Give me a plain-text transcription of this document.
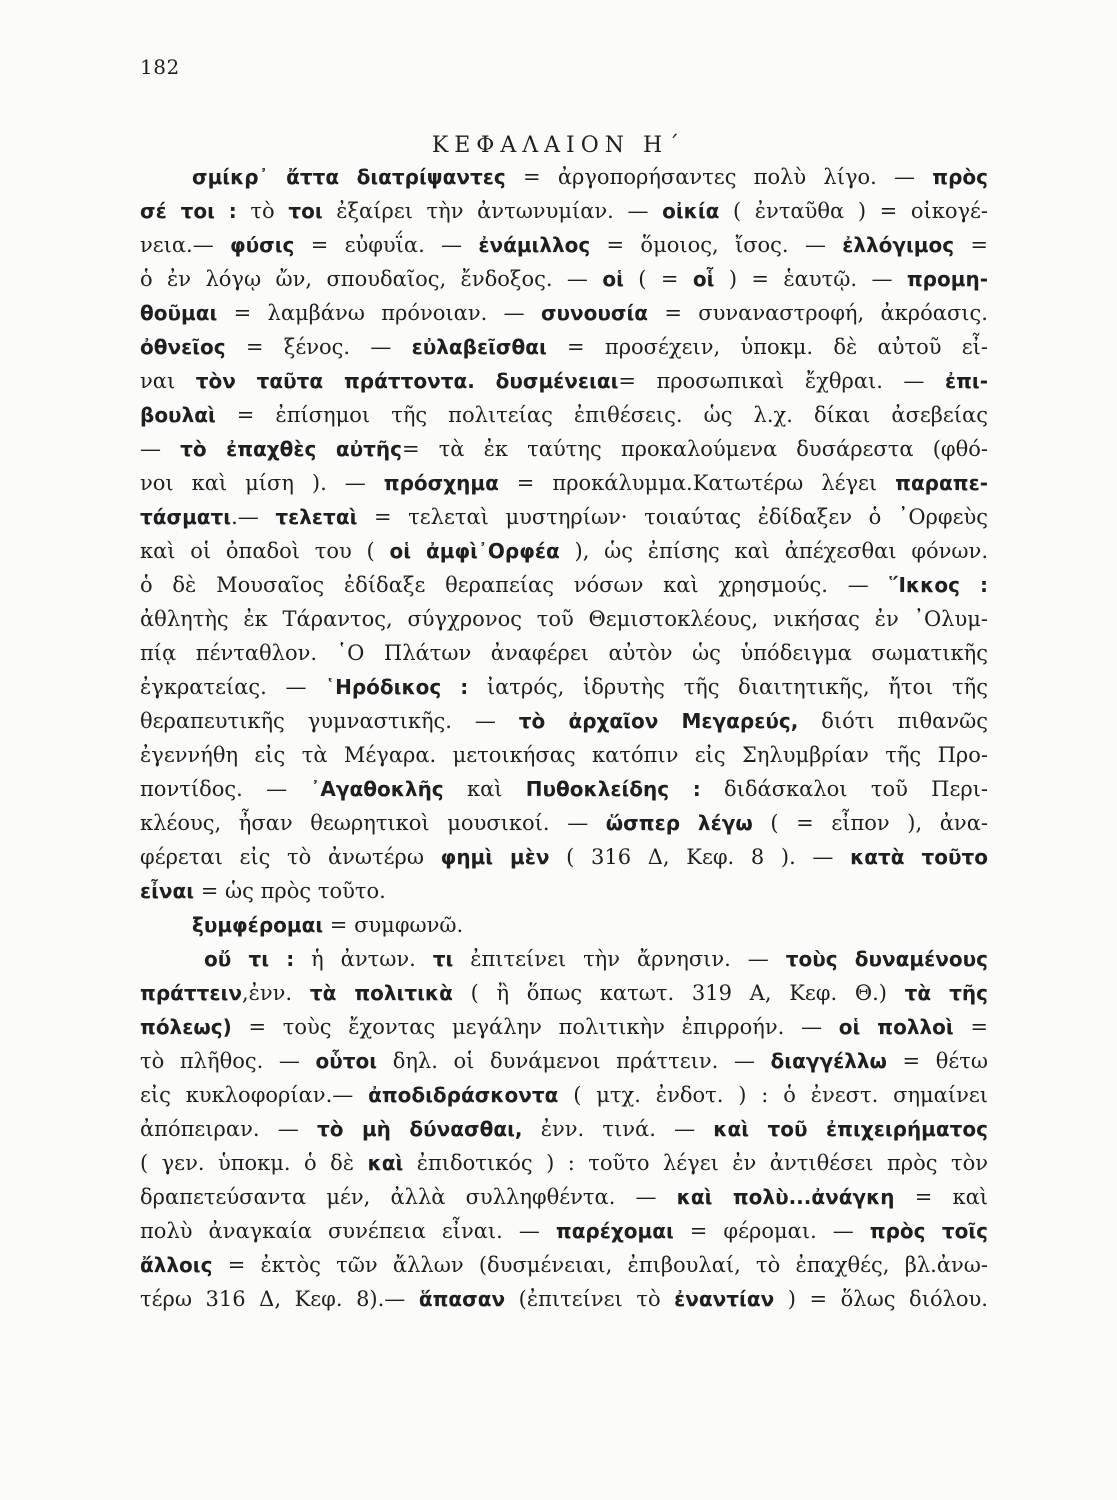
182
ΚΕΦΑΛΑΙΟΝ Η΄
σμίκρ᾽ ἄττα διατρίψαντες = ἀργοπορήσαντες πολὺ λίγο. — πρὸς
σέ τοι : τὸ τοι ἐξαίρει τὴν ἀντωνυμίαν. — οἰκία ( ἐνταῦθα ) = οἰκογέ-
νεια.— φύσις = εὐφυΐα. — ἐνάμιλλος = ὅμοιος, ἴσος. — ἐλλόγιμος =
ὁ ἐν λόγῳ ὤν, σπουδαῖος, ἔνδοξος. — οἱ ( = οἷ ) = ἑαυτῷ. — προμη-
θοῦμαι = λαμβάνω πρόνοιαν. — συνουσία = συναναστροφή, ἀκρόασις.
ὀθνεῖος = ξένος. — εὐλαβεῖσθαι = προσέχειν, ὑποκμ. δὲ αὐτοῦ εἶ-
ναι τὸν ταῦτα πράττοντα. δυσμένειαι= προσωπικαὶ ἔχθραι. — ἐπι-
βουλαὶ = ἐπίσημοι τῆς πολιτείας ἐπιθέσεις. ὡς λ.χ. δίκαι ἀσεβείας
— τὸ ἐπαχθὲς αὐτῆς= τὰ ἐκ ταύτης προκαλούμενα δυσάρεστα (φθό-
νοι καὶ μίση ). — πρόσχημα = προκάλυμμα.Κατωτέρω λέγει παραπε-
τάσματι.— τελεταὶ = τελεταὶ μυστηρίων· τοιαύτας ἐδίδαξεν ὁ ᾿Ορφεὺς
καὶ οἱ ὀπαδοὶ του ( οἱ ἀμφὶ᾽Ορφέα ), ὡς ἐπίσης καὶ ἀπέχεσθαι φόνων.
ὁ δὲ Μουσαῖος ἐδίδαξε θεραπείας νόσων καὶ χρησμούς. — ῞Ικκος :
ἀθλητὴς ἐκ Τάραντος, σύγχρονος τοῦ Θεμιστοκλέους, νικήσας ἐν ᾿Ολυμ-
πίᾳ πένταθλον. ῾Ο Πλάτων ἀναφέρει αὐτὸν ὡς ὑπόδειγμα σωματικῆς
ἐγκρατείας. — ῾Ηρόδικος : ἰατρός, ἱδρυτὴς τῆς διαιτητικῆς, ἤτοι τῆς
θεραπευτικῆς γυμναστικῆς. — τὸ ἀρχαῖον Μεγαρεύς, διότι πιθανῶς
ἐγεννήθη εἰς τὰ Μέγαρα. μετοικήσας κατόπιν εἰς Σηλυμβρίαν τῆς Προ-
ποντίδος. — ᾿Αγαθοκλῆς καὶ Πυθοκλείδης : διδάσκαλοι τοῦ Περι-
κλέους, ἦσαν θεωρητικοὶ μουσικοί. — ὥσπερ λέγω ( = εἶπον ), ἀνα-
φέρεται εἰς τὸ ἀνωτέρω φημὶ μὲν ( 316 Δ, Κεφ. 8 ). — κατὰ τοῦτο
εἶναι = ὡς πρὸς τοῦτο.
ξυμφέρομαι = συμφωνῶ.
οὔ τι : ἡ ἀντων. τι ἐπιτείνει τὴν ἄρνησιν. — τοὺς δυναμένους
πράττειν,ἐνν. τὰ πολιτικὰ ( ἢ ὅπως κατωτ. 319 Α, Κεφ. Θ.) τὰ τῆς
πόλεως) = τοὺς ἔχοντας μεγάλην πολιτικὴν ἐπιρροήν. — οἱ πολλοὶ =
τὸ πλῆθος. — οὗτοι δηλ. οἱ δυνάμενοι πράττειν. — διαγγέλλω = θέτω
εἰς κυκλοφορίαν.— ἀποδιδράσκοντα ( μτχ. ἐνδοτ. ) : ὁ ἐνεστ. σημαίνει
ἀπόπειραν. — τὸ μὴ δύνασθαι, ἐνν. τινά. — καὶ τοῦ ἐπιχειρήματος
( γεν. ὑποκμ. ὁ δὲ καὶ ἐπιδοτικός ) : τοῦτο λέγει ἐν ἀντιθέσει πρὸς τὸν
δραπετεύσαντα μέν, ἀλλὰ συλληφθέντα. — καὶ πολὺ...ἀνάγκη = καὶ
πολὺ ἀναγκαία συνέπεια εἶναι. — παρέχομαι = φέρομαι. — πρὸς τοῖς
ἄλλοις = ἐκτὸς τῶν ἄλλων (δυσμένειαι, ἐπιβουλαί, τὸ ἐπαχθές, βλ.ἀνω-
τέρω 316 Δ, Κεφ. 8).— ἅπασαν (ἐπιτείνει τὸ ἐναντίαν ) = ὅλως διόλου.
